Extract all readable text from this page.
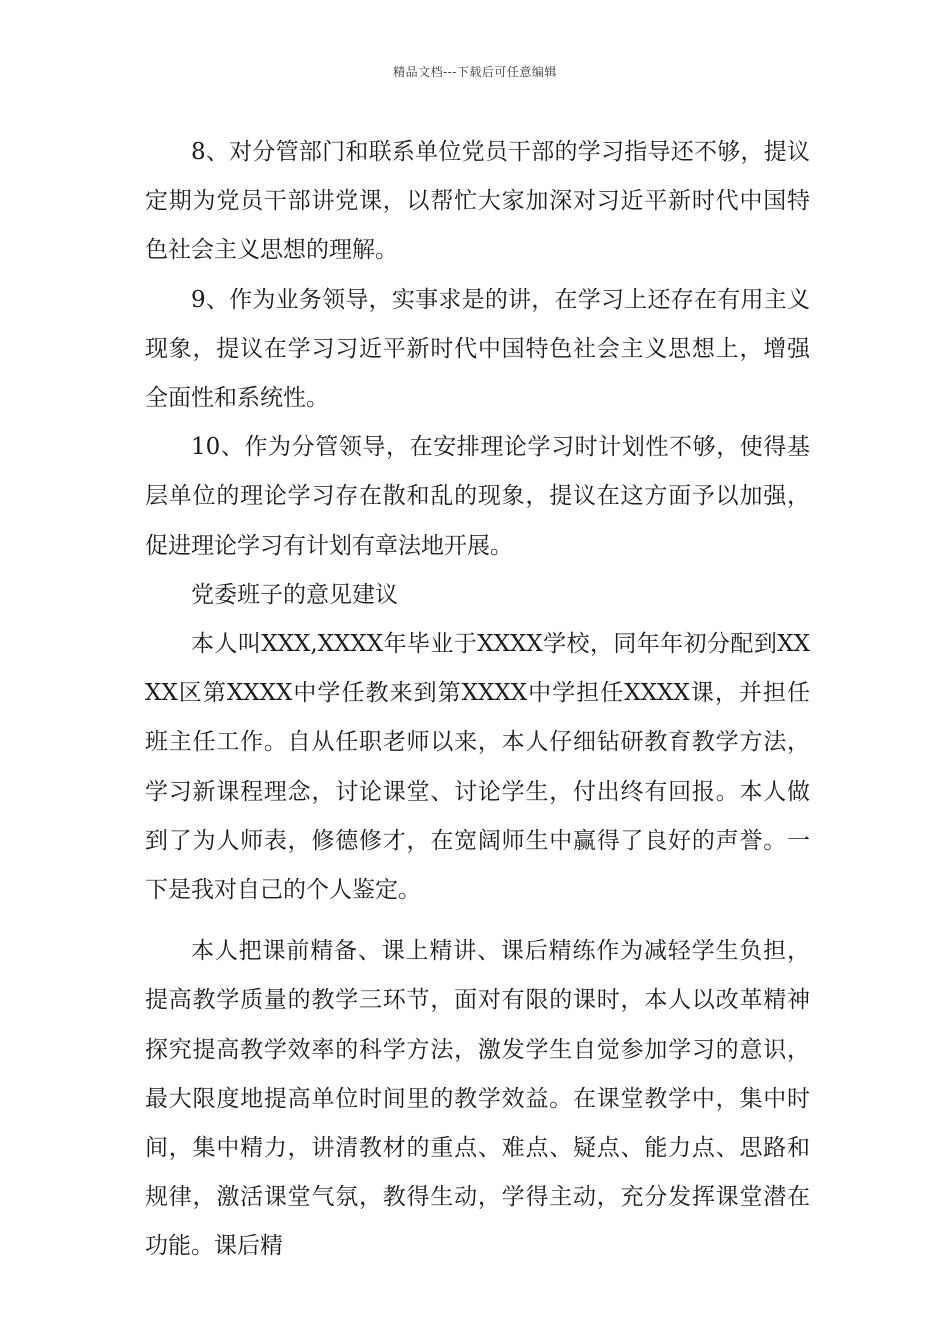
精品文档---下载后可任意编辑

8、对分管部门和联系单位党员干部的学习指导还不够，提议定期为党员干部讲党课，以帮忙大家加深对习近平新时代中国特色社会主义思想的理解。

9、作为业务领导，实事求是的讲，在学习上还存在有用主义现象，提议在学习习近平新时代中国特色社会主义思想上，增强全面性和系统性。

10、作为分管领导，在安排理论学习时计划性不够，使得基层单位的理论学习存在散和乱的现象，提议在这方面予以加强，促进理论学习有计划有章法地开展。

党委班子的意见建议

本人叫XXX,XXXX年毕业于XXXX学校，同年年初分配到XXXX区第XXXX中学任教来到第XXXX中学担任XXXX课，并担任班主任工作。自从任职老师以来，本人仔细钻研教育教学方法，学习新课程理念，讨论课堂、讨论学生，付出终有回报。本人做到了为人师表，修德修才，在宽阔师生中赢得了良好的声誉。一下是我对自己的个人鉴定。

本人把课前精备、课上精讲、课后精练作为减轻学生负担，提高教学质量的教学三环节，面对有限的课时，本人以改革精神探究提高教学效率的科学方法，激发学生自觉参加学习的意识，最大限度地提高单位时间里的教学效益。在课堂教学中，集中时间，集中精力，讲清教材的重点、难点、疑点、能力点、思路和规律，激活课堂气氛，教得生动，学得主动，充分发挥课堂潜在功能。课后精
